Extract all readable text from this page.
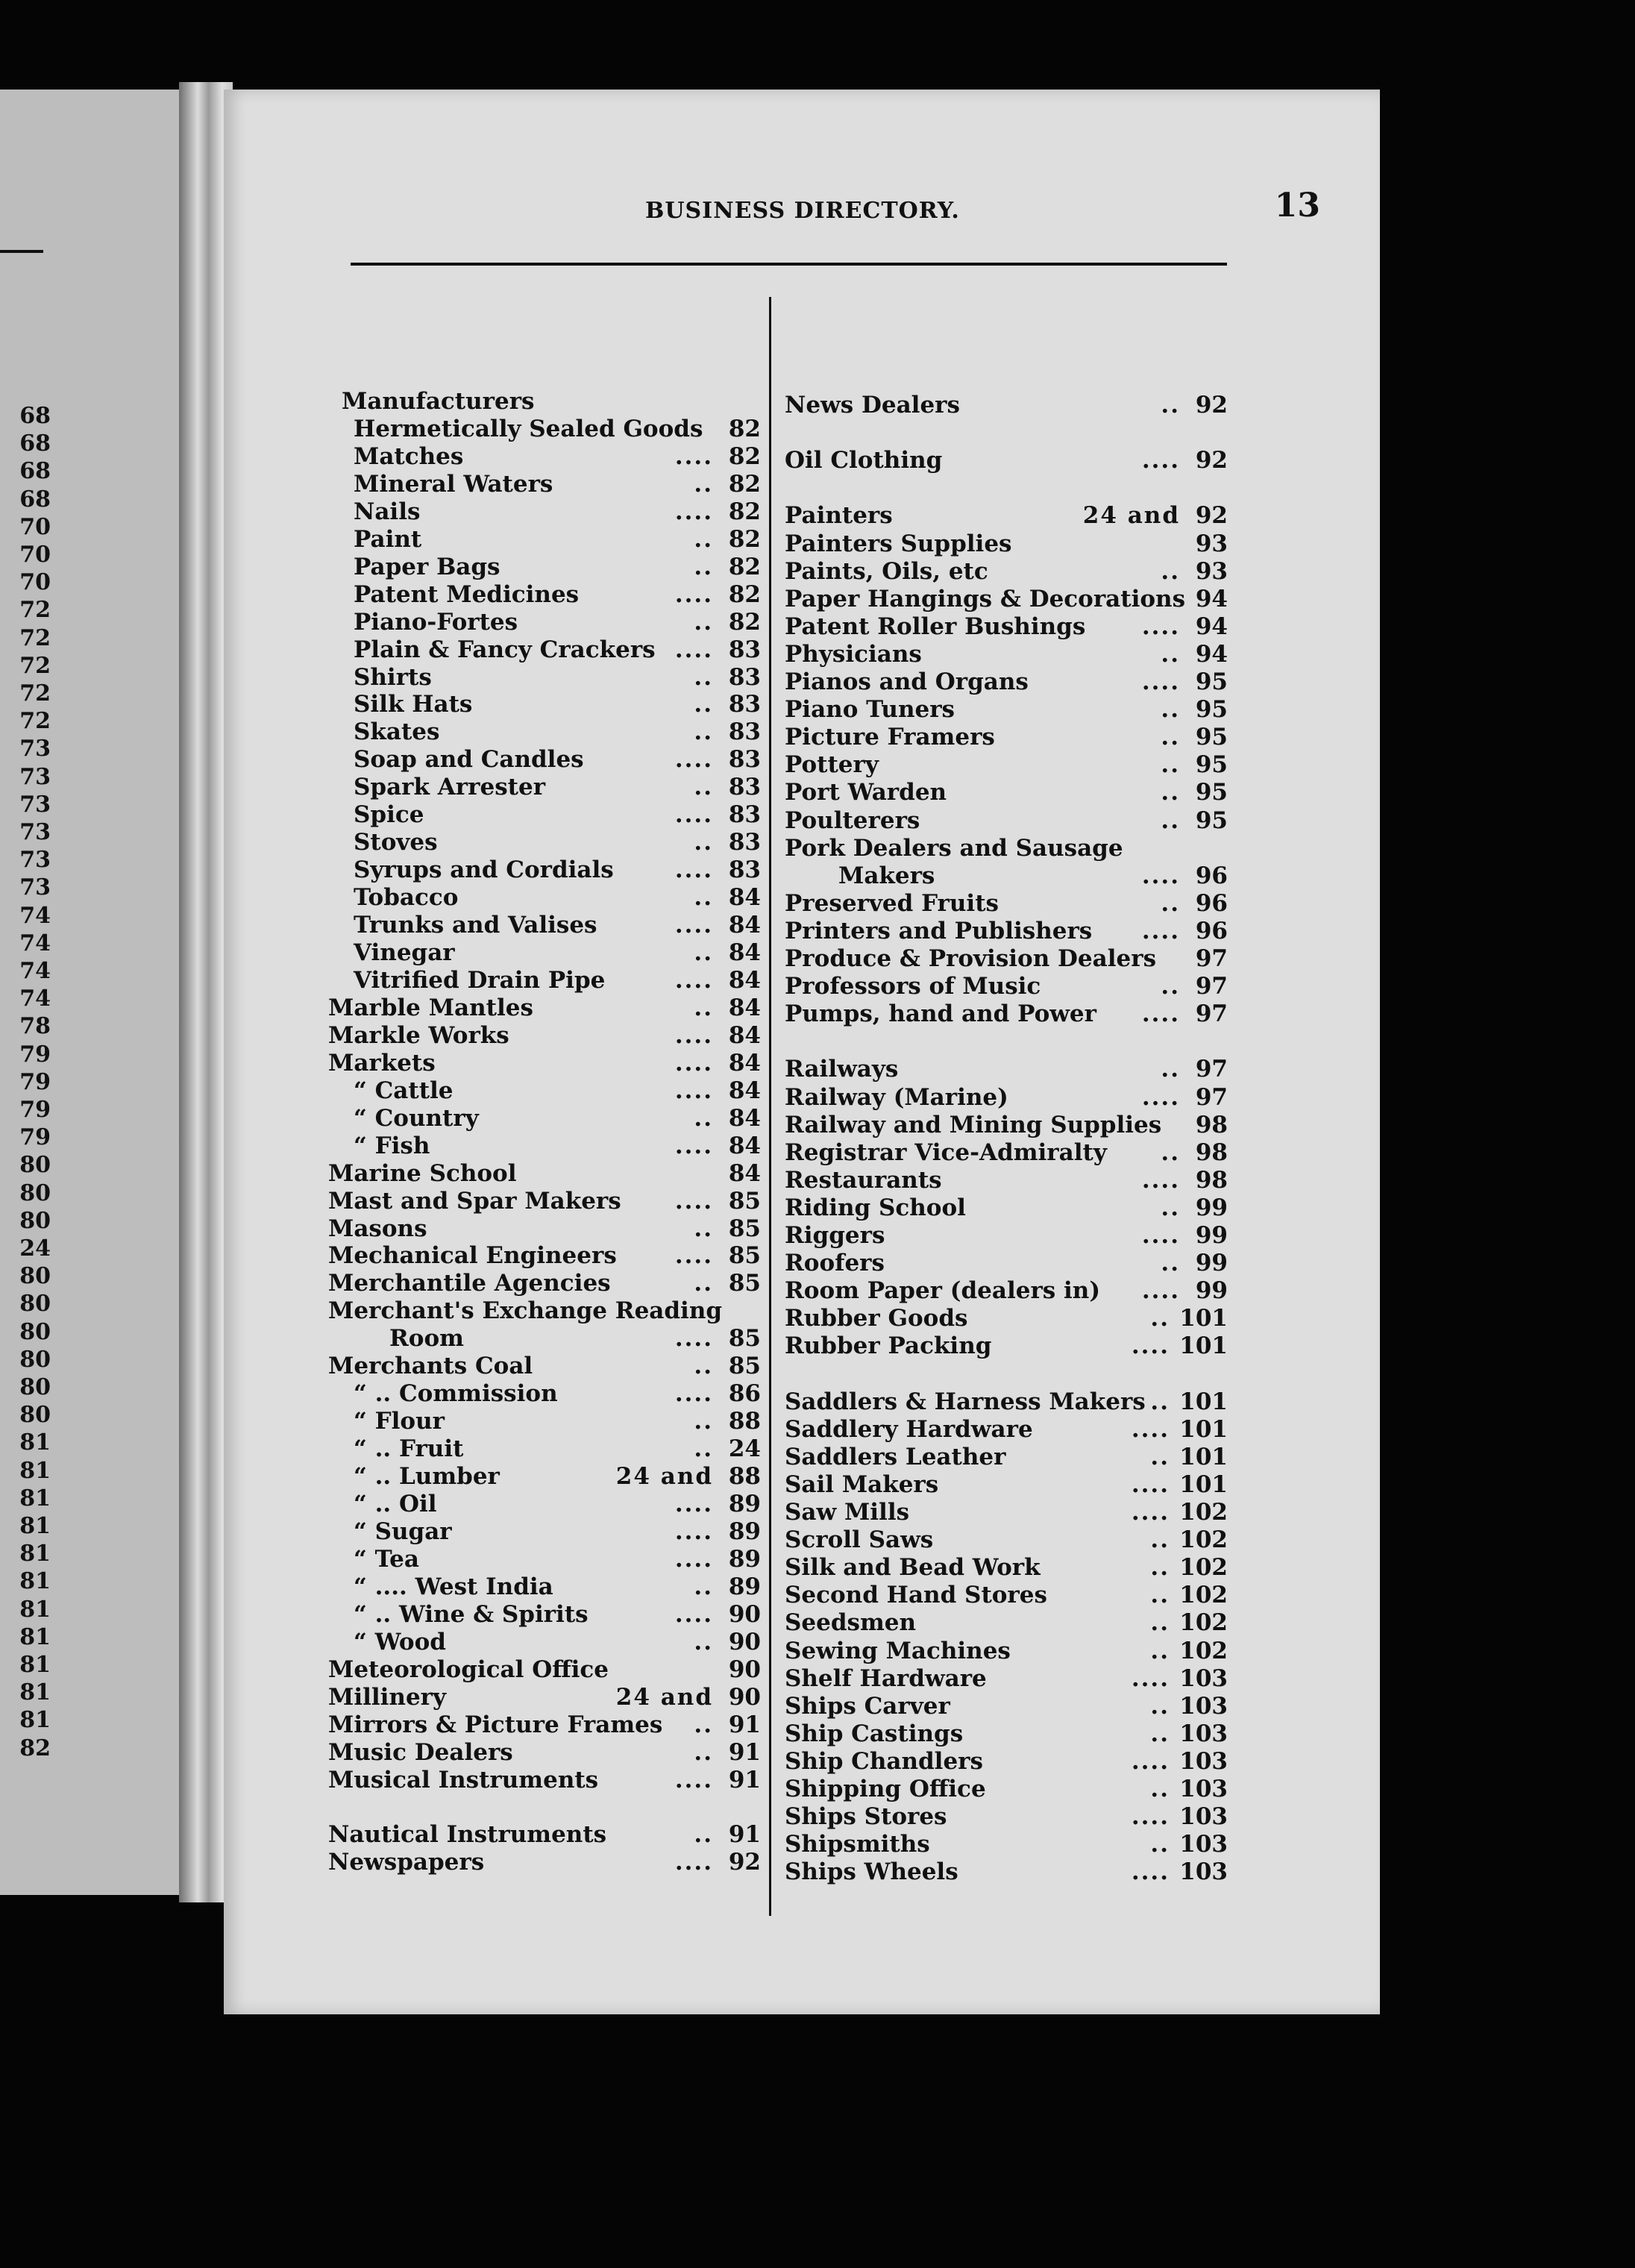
68
68
68
68
70
70
70
72
72
72
72
72
73
73
73
73
73
73
74
74
74
74
78
79
79
79
79
80
80
80
24
80
80
80
80
80
80
81
81
81
81
81
81
81
81
81
81
81
82
BUSINESS DIRECTORY.	13
Manufacturers
Hermetically Sealed Goods 82
Matches	.... 82
Mineral Waters	.. 82
Nails	.... 82
Paint	.. 82
Paper Bags	.. 82
Patent Medicines	.... 82
Piano-Fortes	.. 82
Plain & Fancy Crackers .... 83
Shirts	.. 83
Silk Hats	.. 83
Skates	.. 83
Soap and Candles	.... 83
Spark Arrester	.. 83
Spice	.... 83
Stoves	.. 83
Syrups and Cordials	.... 83
Tobacco	.. 84
Trunks and Valises	.... 84
Vinegar	.. 84
Vitrified Drain Pipe	.... 84
Marble Mantles	.. 84
Markle Works	.... 84
Markets	.... 84
“ Cattle	.... 84
“ Country	.. 84
“ Fish	.... 84
Marine School	84
Mast and Spar Makers .... 85
Masons	.. 85
Mechanical Engineers	.... 85
Merchantile Agencies	.. 85
Merchant's Exchange Reading
Room	.... 85
Merchants Coal	.. 85
“ .. Commission	.... 86
“ Flour	.. 88
“ .. Fruit	.. 24
“ .. Lumber	24 and 88
“ .. Oil	.... 89
“ Sugar	.... 89
“ Tea	.... 89
“ .... West India	.. 89
“ .. Wine & Spirits	.... 90
“ Wood	.. 90
Meteorological Office	90
Millinery	24 and 90
Mirrors & Picture Frames .. 91
Music Dealers	.. 91
Musical Instruments	.... 91
Nautical Instruments	.. 91
Newspapers	.... 92
News Dealers	.. 92
Oil Clothing	.... 92
Painters	24 and 92
Painters Supplies	93
Paints, Oils, etc	.. 93
Paper Hangings & Decorations 94
Patent Roller Bushings .... 94
Physicians	.. 94
Pianos and Organs	.... 95
Piano Tuners	.. 95
Picture Framers	.. 95
Pottery	.. 95
Port Warden	.. 95
Poulterers	.. 95
Pork Dealers and Sausage
Makers	.... 96
Preserved Fruits	.. 96
Printers and Publishers .... 96
Produce & Provision Dealers 97
Professors of Music	.. 97
Pumps, hand and Power .... 97
Railways	.. 97
Railway (Marine)	.... 97
Railway and Mining Supplies 98
Registrar Vice-Admiralty .. 98
Restaurants	.... 98
Riding School	.. 99
Riggers	.... 99
Roofers	.. 99
Room Paper (dealers in) .... 99
Rubber Goods	.. 101
Rubber Packing	.... 101
Saddlers & Harness Makers .. 101
Saddlery Hardware	.... 101
Saddlers Leather	.. 101
Sail Makers	.... 101
Saw Mills	.... 102
Scroll Saws	.. 102
Silk and Bead Work	.. 102
Second Hand Stores	.. 102
Seedsmen	.. 102
Sewing Machines	.. 102
Shelf Hardware	.... 103
Ships Carver	.. 103
Ship Castings	.. 103
Ship Chandlers	.... 103
Shipping Office	.. 103
Ships Stores	.... 103
Shipsmiths	.. 103
Ships Wheels	.... 103
